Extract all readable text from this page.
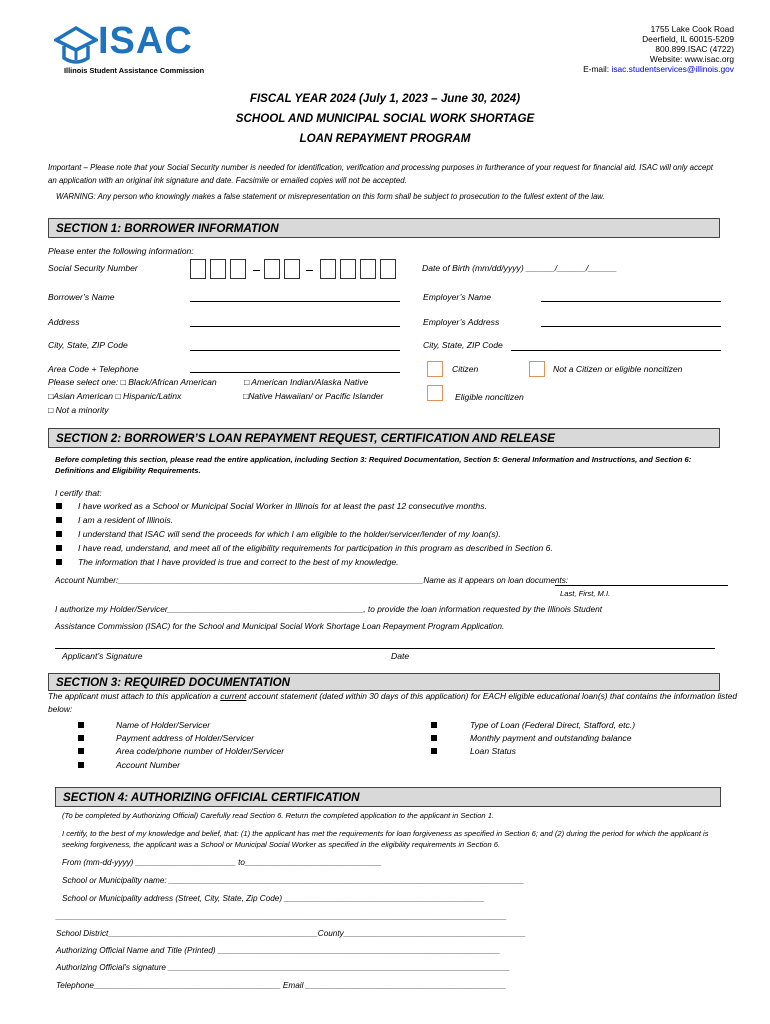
ISAC
Illinois Student Assistance Commission
1755 Lake Cook Road
Deerfield, IL 60015-5209
800.899.ISAC (4722)
Website: www.isac.org
E-mail: isac.studentservices@illinois.gov
FISCAL YEAR 2024 (July 1, 2023 – June 30, 2024)
SCHOOL AND MUNICIPAL SOCIAL WORK SHORTAGE
LOAN REPAYMENT PROGRAM
Important – Please note that your Social Security number is needed for identification, verification and processing purposes in furtherance of your request for financial aid. ISAC will only accept an application with an original ink signature and date. Facsimile or emailed copies will not be accepted.
WARNING: Any person who knowingly makes a false statement or misrepresentation on this form shall be subject to prosecution to the fullest extent of the law.
SECTION 1: BORROWER INFORMATION
Please enter the following information:
Social Security Number	Date of Birth (mm/dd/yyyy) ______/______/______
Borrower’s Name	Employer’s Name
Address	Employer’s Address
City, State, ZIP Code	City, State, ZIP Code
Area Code + Telephone
Please select one: □ Black/African American	□ American Indian/Alaska Native
□Asian American □ Hispanic/Latinx	□Native Hawaiian/ or Pacific Islander
□ Not a minority
Citizen	Not a Citizen or eligible noncitizen
Eligible noncitizen
SECTION 2: BORROWER’S LOAN REPAYMENT REQUEST, CERTIFICATION AND RELEASE
Before completing this section, please read the entire application, including Section 3: Required Documentation, Section 5: General Information and Instructions, and Section 6: Definitions and Eligibility Requirements.
I certify that:
I have worked as a School or Municipal Social Worker in Illinois for at least the past 12 consecutive months.
I am a resident of Illinois.
I understand that ISAC will send the proceeds for which I am eligible to the holder/servicer/lender of my loan(s).
I have read, understand, and meet all of the eligibility requirements for participation in this program as described in Section 6.
The information that I have provided is true and correct to the best of my knowledge.
Account Number:___________________________________________________________________Name as it appears on loan documents:
Last, First, M.I.
I authorize my Holder/Servicer__________________________________________, to provide the loan information requested by the Illinois Student
Assistance Commission (ISAC) for the School and Municipal Social Work Shortage Loan Repayment Program Application.
Applicant’s Signature	Date
SECTION 3: REQUIRED DOCUMENTATION
The applicant must attach to this application a current account statement (dated within 30 days of this application) for EACH eligible educational loan(s) that contains the information listed below:
Name of Holder/Servicer
Payment address of Holder/Servicer
Area code/phone number of Holder/Servicer
Account Number
Type of Loan (Federal Direct, Stafford, etc.)
Monthly payment and outstanding balance
Loan Status
SECTION 4: AUTHORIZING OFFICIAL CERTIFICATION
(To be completed by Authorizing Official) Carefully read Section 6. Return the completed application to the applicant in Section 1.
I certify, to the best of my knowledge and belief, that: (1) the applicant has met the requirements for loan forgiveness as specified in Section 6; and (2) during the period for which the applicant is seeking forgiveness, the applicant was a School or Municipal Social Worker as specified in the eligibility requirements in Section 6.
From (mm-dd-yyyy) ______________________ to______________________________
School or Municipality name: ______________________________________________________________________________
School or Municipality address (Street, City, State, Zip Code) ____________________________________________
___________________________________________________________________________________________________
School District______________________________________________County________________________________________
Authorizing Official Name and Title (Printed) ______________________________________________________________
Authorizing Official’s signature ___________________________________________________________________________
Telephone_________________________________________ Email ____________________________________________
